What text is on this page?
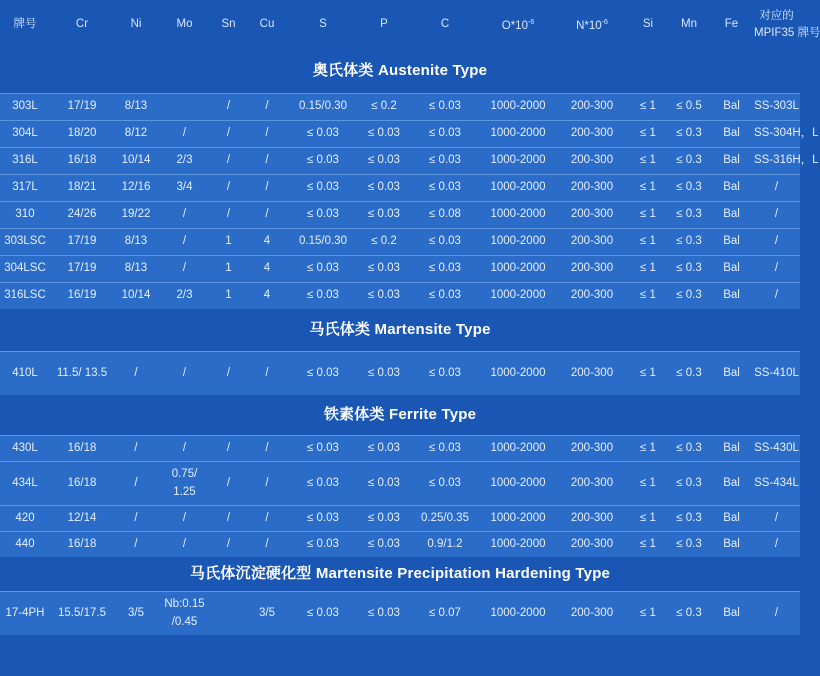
牌号	Cr	Ni	Mo	Sn	Cu	S	P	C	$O*10^{-6}$	$N*10^{-6}$	Si	Mn	Fe	对应的
MPIF35 牌号

奥氏体类 Austenite Type														
303L	17/19	8/13		/	/	0.15/0.30	≤ 0.2	≤ 0.03	1000-2000	200-300	≤ 1	≤ 0.5	Bal	SS-303L
304L	18/20	8/12	/	/	/	≤ 0.03	≤ 0.03	≤ 0.03	1000-2000	200-300	≤ 1	≤ 0.3	Bal	SS-304H，L
316L	16/18	10/14	2/3	/	/	≤ 0.03	≤ 0.03	≤ 0.03	1000-2000	200-300	≤ 1	≤ 0.3	Bal	SS-316H，L
317L	18/21	12/16	3/4	/	/	≤ 0.03	≤ 0.03	≤ 0.03	1000-2000	200-300	≤ 1	≤ 0.3	Bal	/
310	24/26	19/22	/	/	/	≤ 0.03	≤ 0.03	≤ 0.08	1000-2000	200-300	≤ 1	≤ 0.3	Bal	/
303LSC	17/19	8/13	/	1	4	0.15/0.30	≤ 0.2	≤ 0.03	1000-2000	200-300	≤ 1	≤ 0.3	Bal	/
304LSC	17/19	8/13	/	1	4	≤ 0.03	≤ 0.03	≤ 0.03	1000-2000	200-300	≤ 1	≤ 0.3	Bal	/
316LSC	16/19	10/14	2/3	1	4	≤ 0.03	≤ 0.03	≤ 0.03	1000-2000	200-300	≤ 1	≤ 0.3	Bal	/
马氏体类 Martensite Type														
410L	11.5/ 13.5	/	/	/	/	≤ 0.03	≤ 0.03	≤ 0.03	1000-2000	200-300	≤ 1	≤ 0.3	Bal	SS-410L
铁素体类 Ferrite Type														
430L	16/18	/	/	/	/	≤ 0.03	≤ 0.03	≤ 0.03	1000-2000	200-300	≤ 1	≤ 0.3	Bal	SS-430L
434L	16/18	/	0.75/ 1.25	/	/	≤ 0.03	≤ 0.03	≤ 0.03	1000-2000	200-300	≤ 1	≤ 0.3	Bal	SS-434L
420	12/14	/	/	/	/	≤ 0.03	≤ 0.03	0.25/0.35	1000-2000	200-300	≤ 1	≤ 0.3	Bal	/
440	16/18	/	/	/	/	≤ 0.03	≤ 0.03	0.9/1.2	1000-2000	200-300	≤ 1	≤ 0.3	Bal	/
马氏体沉淀硬化型 Martensite Precipitation Hardening Type														
17-4PH	15.5/17.5	3/5	Nb:0.15 /0.45		3/5	≤ 0.03	≤ 0.03	≤ 0.07	1000-2000	200-300	≤ 1	≤ 0.3	Bal	/
